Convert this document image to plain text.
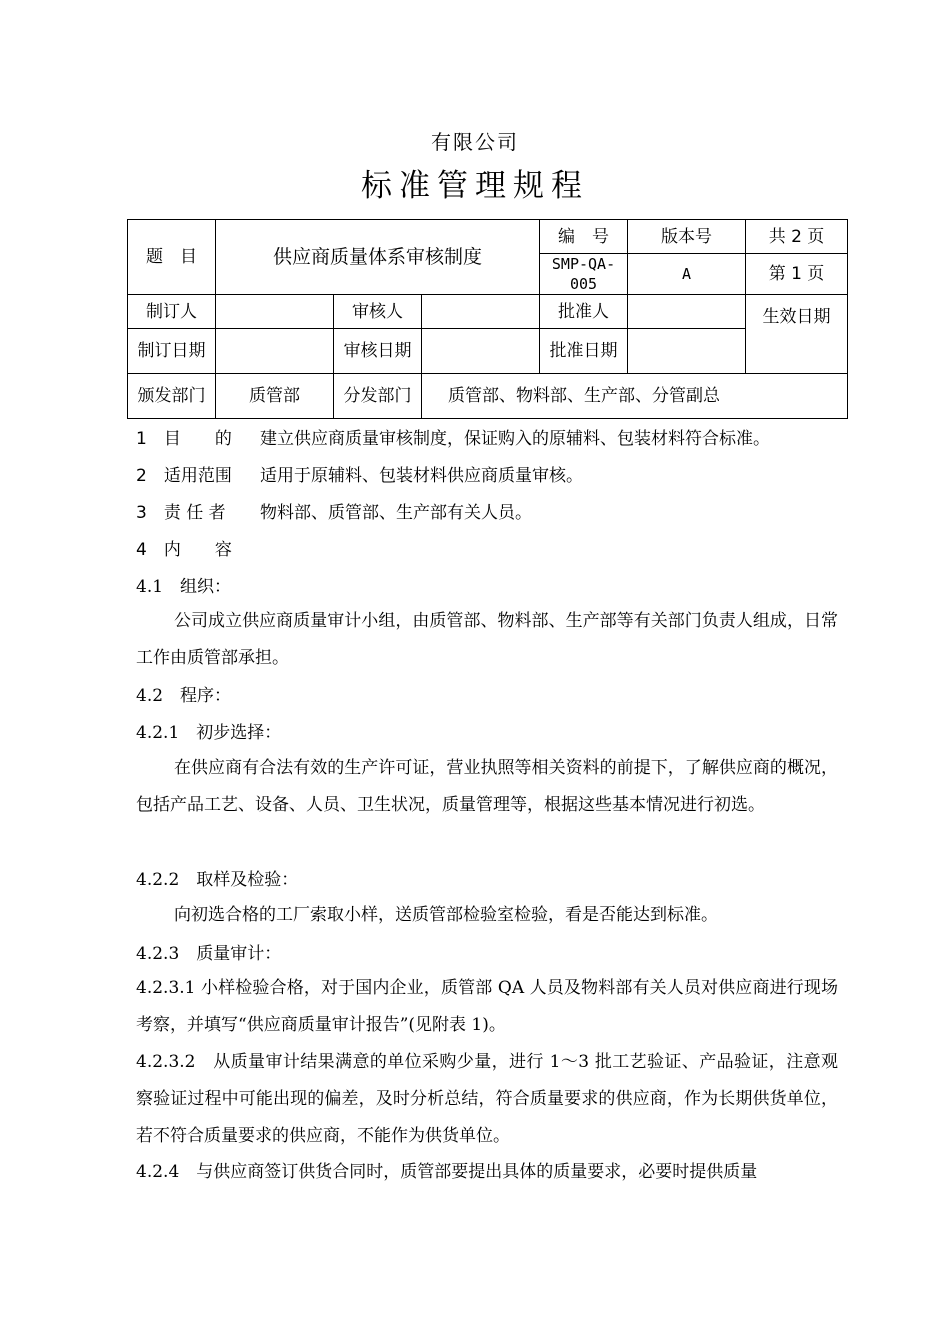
有限公司
标准管理规程
题　目	供应商质量体系审核制度			编　号	版本号	共 2 页
				SMP-QA-005	A	第 1 页
制订人		审核人		批准人		生效日期
制订日期		审核日期		批准日期		
颁发部门	质管部	分发部门	质管部、物料部、生产部、分管副总			
1　目　　的 建立供应商质量审核制度，保证购入的原辅料、包装材料符合标准。
2　适用范围 适用于原辅料、包装材料供应商质量审核。
3　责 任 者 物料部、质管部、生产部有关人员。
4　内　　容
4.1　组织：
公司成立供应商质量审计小组，由质管部、物料部、生产部等有关部门负责人组成，日常工作由质管部承担。
4.2　程序：
4.2.1　初步选择：
在供应商有合法有效的生产许可证，营业执照等相关资料的前提下，了解供应商的概况，包括产品工艺、设备、人员、卫生状况，质量管理等，根据这些基本情况进行初选。
4.2.2　取样及检验：
向初选合格的工厂索取小样，送质管部检验室检验，看是否能达到标准。
4.2.3　质量审计：
4.2.3.1 小样检验合格，对于国内企业，质管部 QA 人员及物料部有关人员对供应商进行现场考察，并填写“供应商质量审计报告”(见附表 1)。
4.2.3.2　从质量审计结果满意的单位采购少量，进行 1～3 批工艺验证、产品验证，注意观察验证过程中可能出现的偏差，及时分析总结，符合质量要求的供应商，作为长期供货单位，若不符合质量要求的供应商，不能作为供货单位。
4.2.4　与供应商签订供货合同时，质管部要提出具体的质量要求，必要时提供质量
